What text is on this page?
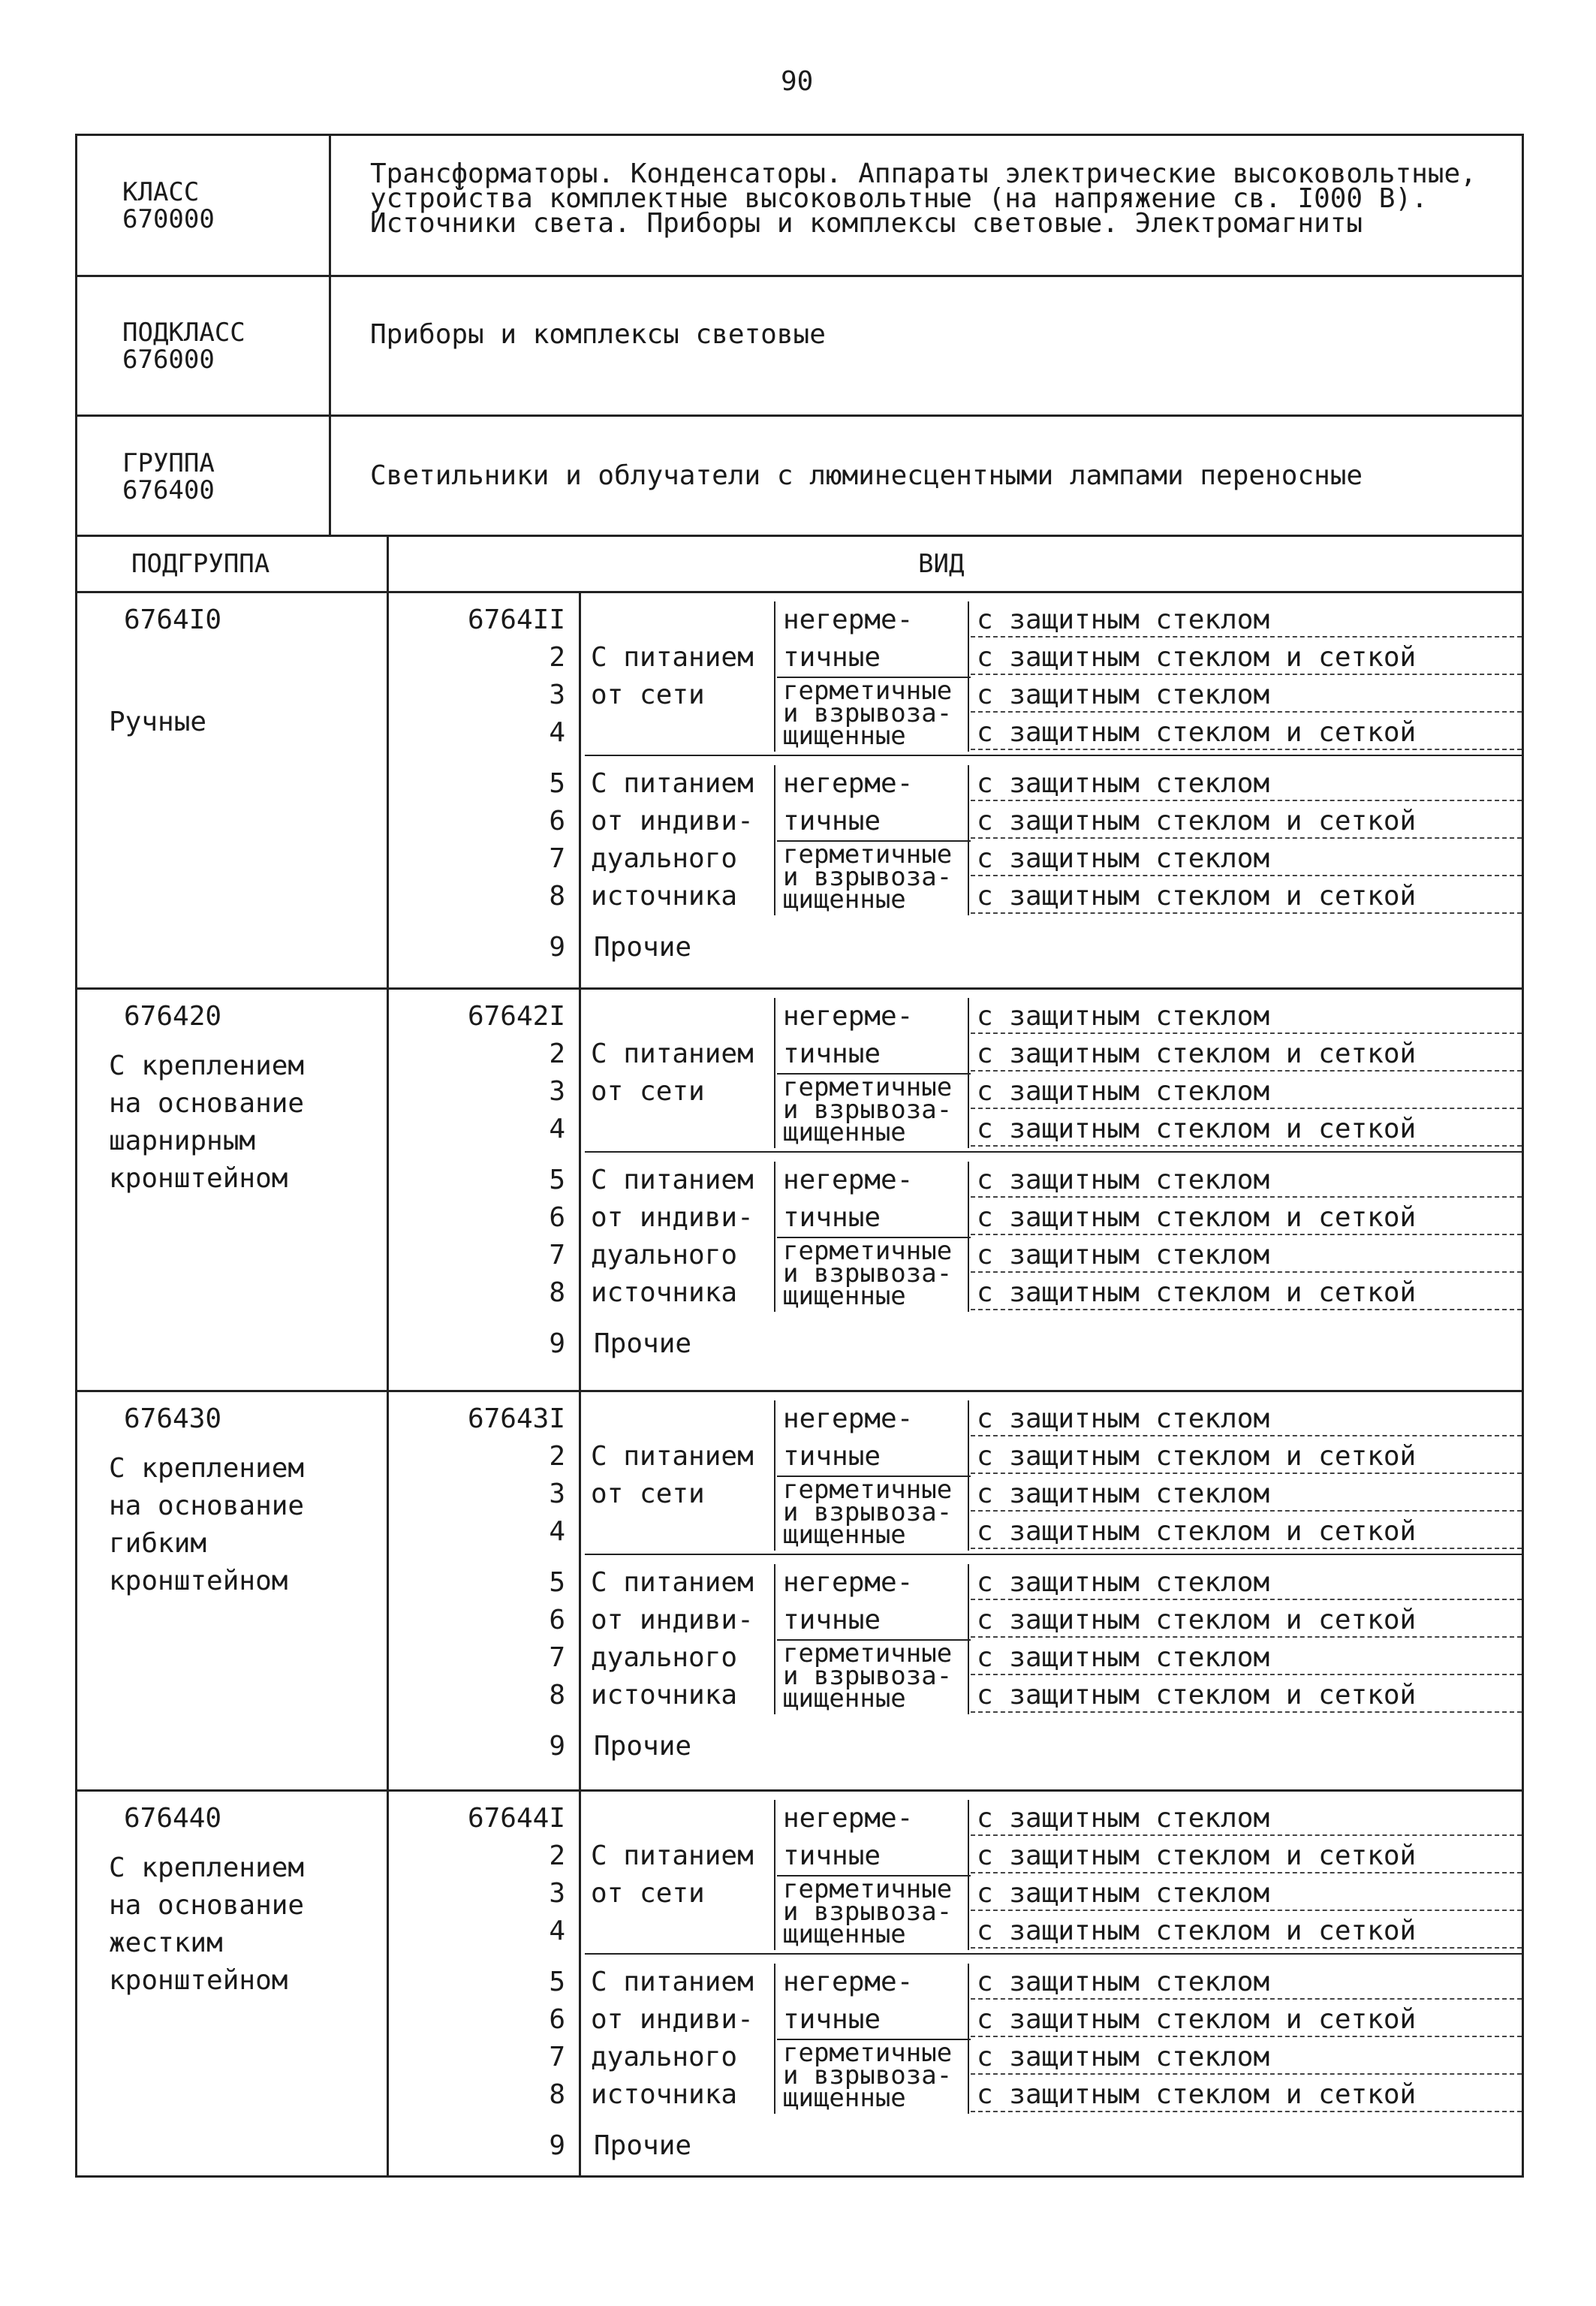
90
КЛАСС
670000
Трансформаторы. Конденсаторы. Аппараты электрические высоковольтные,
устройства комплектные высоковольтные (на напряжение св. I000 В).
Источники света. Приборы и комплексы световые. Электромагниты
ПОДКЛАСС
676000
Приборы и комплексы световые
ГРУППА
676400	Светильники и облучатели с люминесцентными лампами переносные
ПОДГРУППА	ВИД
6764I0
Ручные
6764II
2
3
4
5
6
7
8
9
С питанием
от сети
негерме-
тичные
герметичные
и взрывоза-
щищенные
с защитным стеклом
с защитным стеклом и сеткой
с защитным стеклом
с защитным стеклом и сеткой
С питанием
от индиви-
дуального
источника
негерме-
тичные
герметичные
и взрывоза-
щищенные
с защитным стеклом
с защитным стеклом и сеткой
с защитным стеклом
с защитным стеклом и сеткой
Прочие
676420
С креплением
на основание
шарнирным
кронштейном
67642I
2
3
4
5
6
7
8
9
С питанием
от сети
негерме-
тичные
герметичные
и взрывоза-
щищенные
с защитным стеклом
с защитным стеклом и сеткой
с защитным стеклом
с защитным стеклом и сеткой
С питанием
от индиви-
дуального
источника
негерме-
тичные
герметичные
и взрывоза-
щищенные
с защитным стеклом
с защитным стеклом и сеткой
с защитным стеклом
с защитным стеклом и сеткой
Прочие
676430
С креплением
на основание
гибким
кронштейном
67643I
2
3
4
5
6
7
8
9
С питанием
от сети
негерме-
тичные
герметичные
и взрывоза-
щищенные
с защитным стеклом
с защитным стеклом и сеткой
с защитным стеклом
с защитным стеклом и сеткой
С питанием
от индиви-
дуального
источника
негерме-
тичные
герметичные
и взрывоза-
щищенные
с защитным стеклом
с защитным стеклом и сеткой
с защитным стеклом
с защитным стеклом и сеткой
Прочие
676440
С креплением
на основание
жестким
кронштейном
67644I
2
3
4
5
6
7
8
9
С питанием
от сети
негерме-
тичные
герметичные
и взрывоза-
щищенные
с защитным стеклом
с защитным стеклом и сеткой
с защитным стеклом
с защитным стеклом и сеткой
С питанием
от индиви-
дуального
источника
негерме-
тичные
герметичные
и взрывоза-
щищенные
с защитным стеклом
с защитным стеклом и сеткой
с защитным стеклом
с защитным стеклом и сеткой
Прочие
